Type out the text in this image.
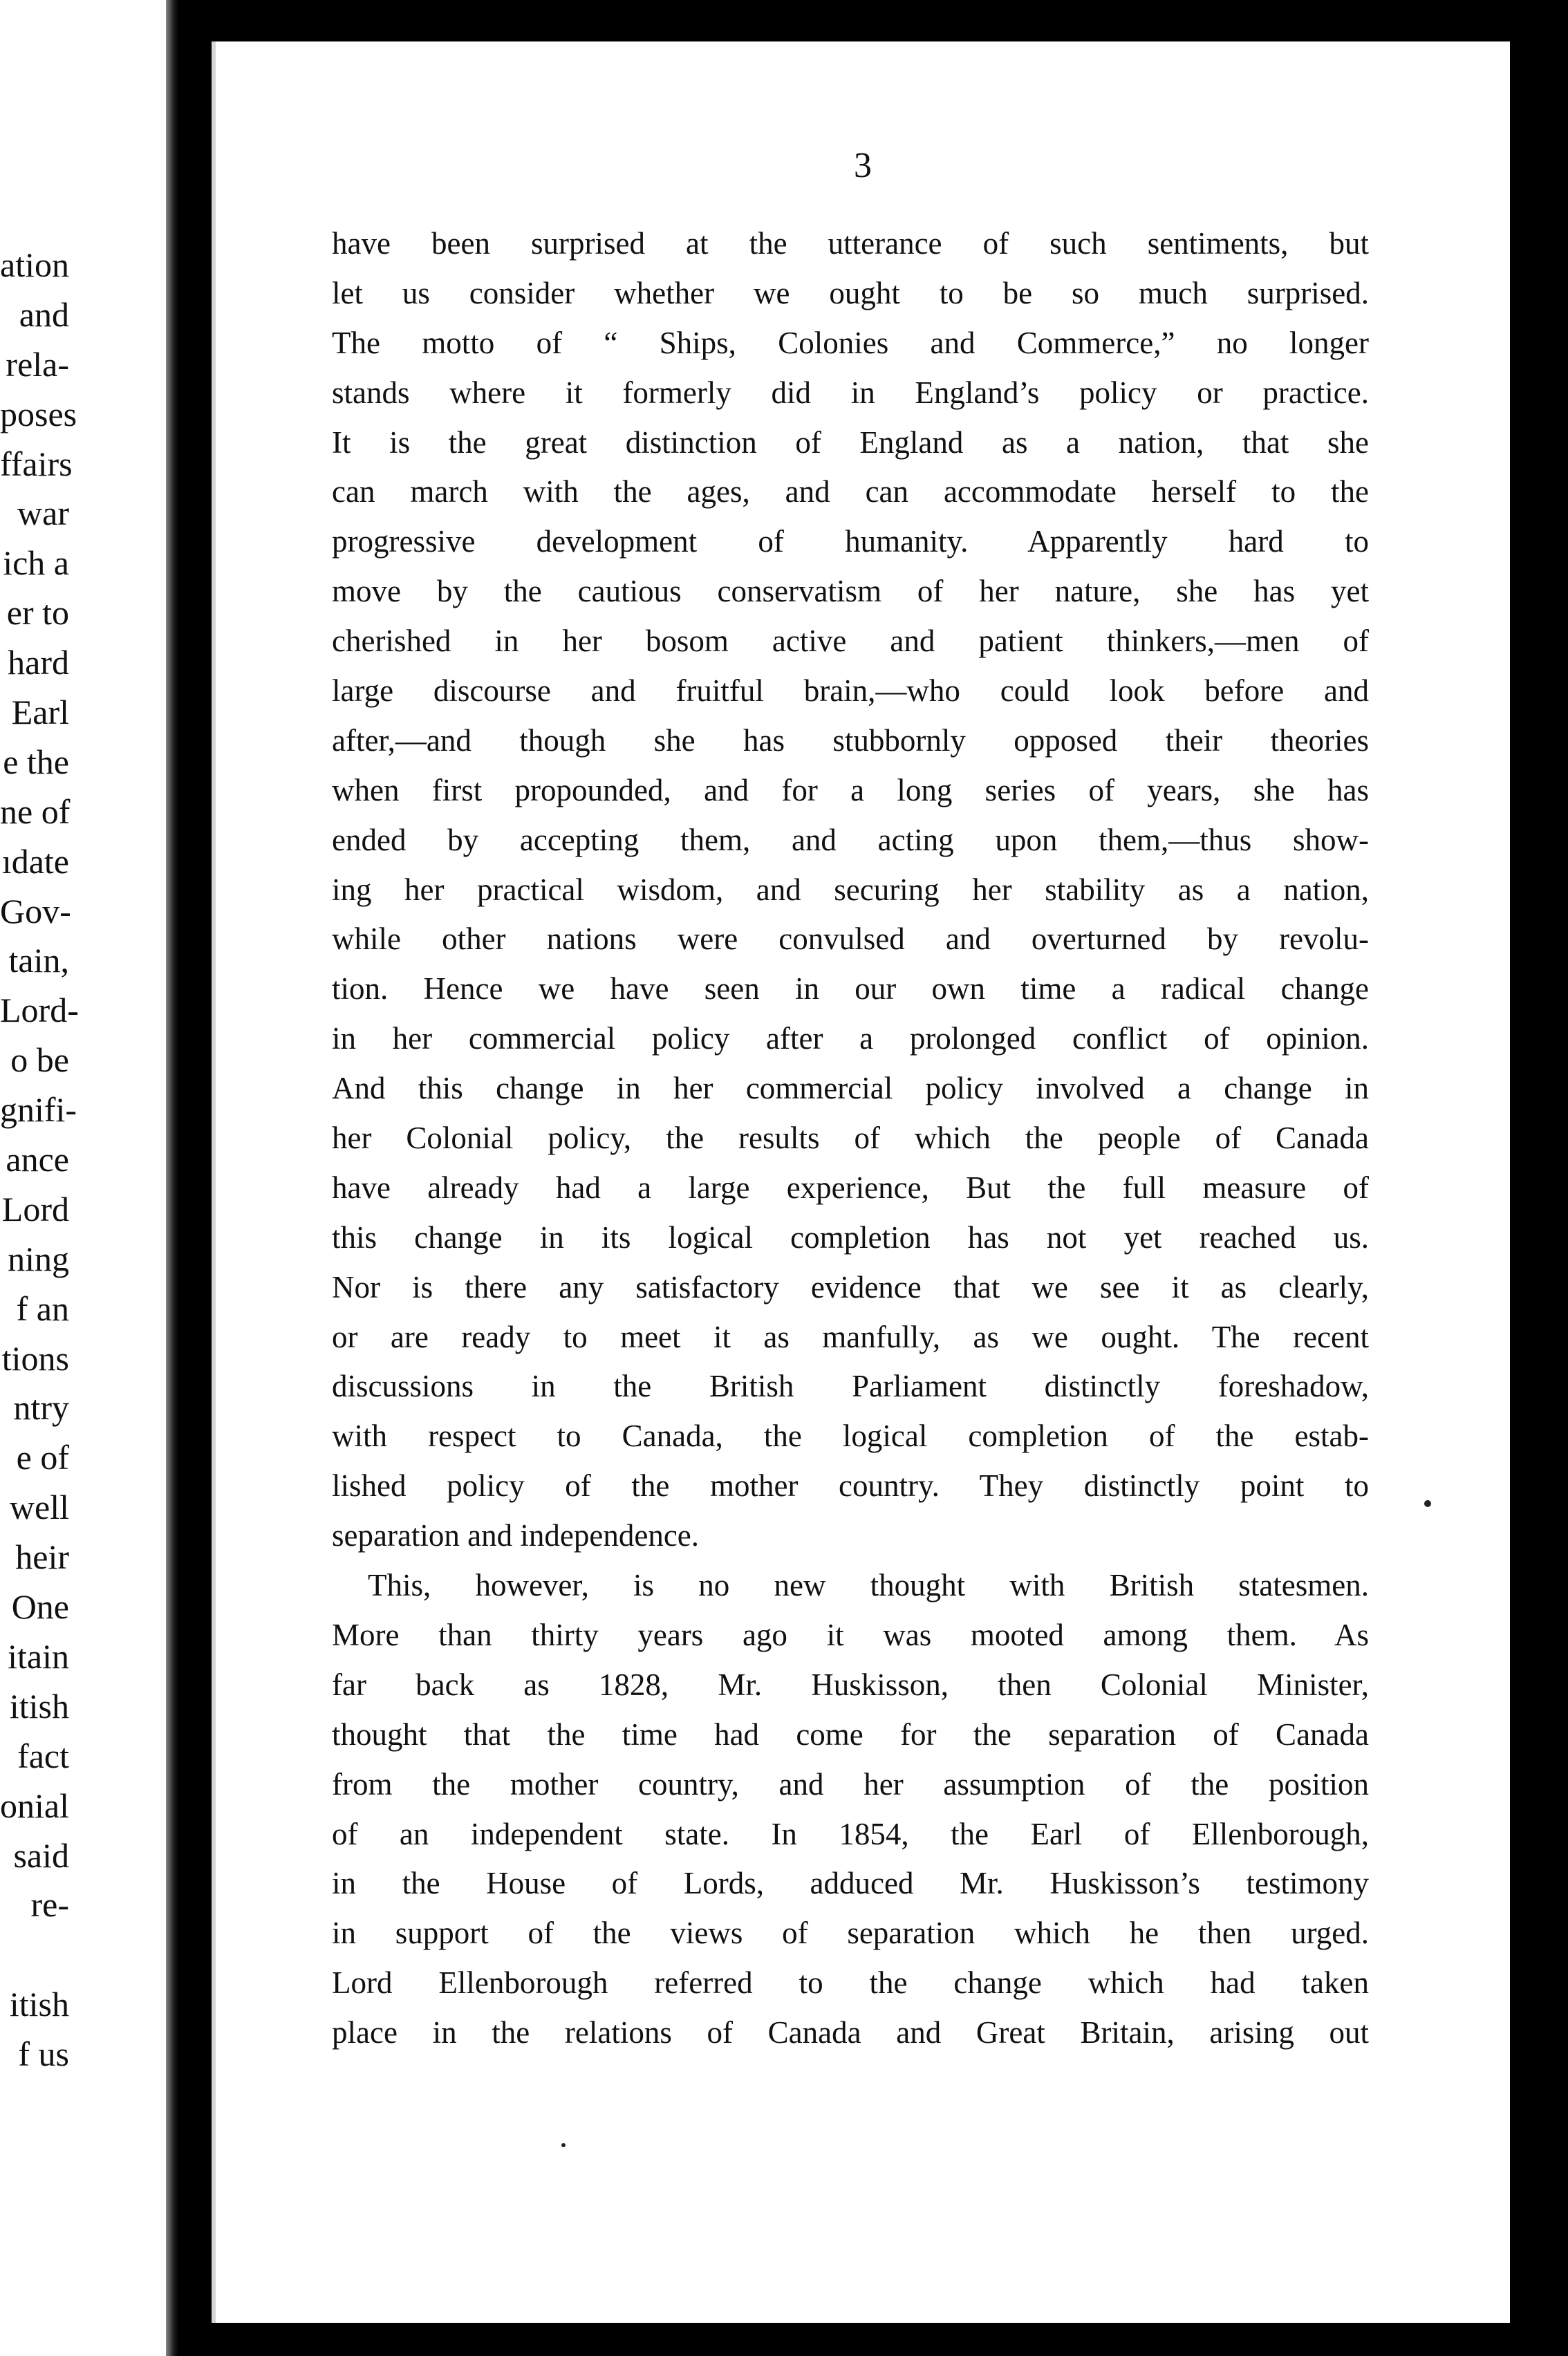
ation
and
rela-
poses
ffairs
war
ich a
er to
hard
Earl
e the
ne of
ıdate
Gov-
tain,
Lord-
o be
gnifi-
ance
Lord
ning
f an
tions
ntry
e of
well
heir
One
itain
itish
fact
onial
said
re-
itish
f us
3
have been surprised at the utterance of such sentiments, but
let us consider whether we ought to be so much surprised.
The motto of “ Ships, Colonies and Commerce,” no longer
stands where it formerly did in England’s policy or practice.
It is the great distinction of England as a nation, that she
can march with the ages, and can accommodate herself to the
progressive development of humanity. Apparently hard to
move by the cautious conservatism of her nature, she has yet
cherished in her bosom active and patient thinkers,—men of
large discourse and fruitful brain,—who could look before and
after,—and though she has stubbornly opposed their theories
when first propounded, and for a long series of years, she has
ended by accepting them, and acting upon them,—thus show-
ing her practical wisdom, and securing her stability as a nation,
while other nations were convulsed and overturned by revolu-
tion. Hence we have seen in our own time a radical change
in her commercial policy after a prolonged conflict of opinion.
And this change in her commercial policy involved a change in
her Colonial policy, the results of which the people of Canada
have already had a large experience, But the full measure of
this change in its logical completion has not yet reached us.
Nor is there any satisfactory evidence that we see it as clearly,
or are ready to meet it as manfully, as we ought. The recent
discussions in the British Parliament distinctly foreshadow,
with respect to Canada, the logical completion of the estab-
lished policy of the mother country. They distinctly point to
separation and independence.
This, however, is no new thought with British statesmen.
More than thirty years ago it was mooted among them. As
far back as 1828, Mr. Huskisson, then Colonial Minister,
thought that the time had come for the separation of Canada
from the mother country, and her assumption of the position
of an independent state. In 1854, the Earl of Ellenborough,
in the House of Lords, adduced Mr. Huskisson’s testimony
in support of the views of separation which he then urged.
Lord Ellenborough referred to the change which had taken
place in the relations of Canada and Great Britain, arising out
